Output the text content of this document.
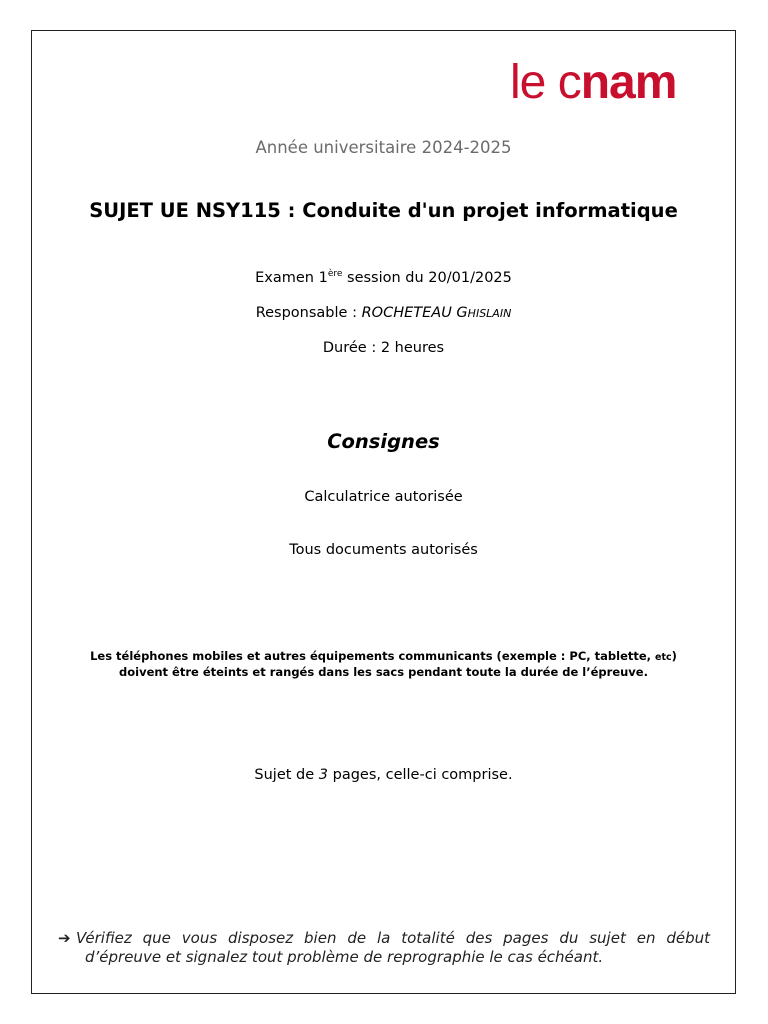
le cnam
Année universitaire 2024-2025
SUJET UE NSY115 : Conduite d'un projet informatique
Examen 1ère session du 20/01/2025
Responsable : ROCHETEAU GHISLAIN
Durée : 2 heures
Consignes
Calculatrice autorisée
Tous documents autorisés
Les téléphones mobiles et autres équipements communicants (exemple : PC, tablette, etc)
doivent être éteints et rangés dans les sacs pendant toute la durée de l’épreuve.
Sujet de 3 pages, celle-ci comprise.
➔ Vérifiez que vous disposez bien de la totalité des pages du sujet en début
d’épreuve et signalez tout problème de reprographie le cas échéant.
